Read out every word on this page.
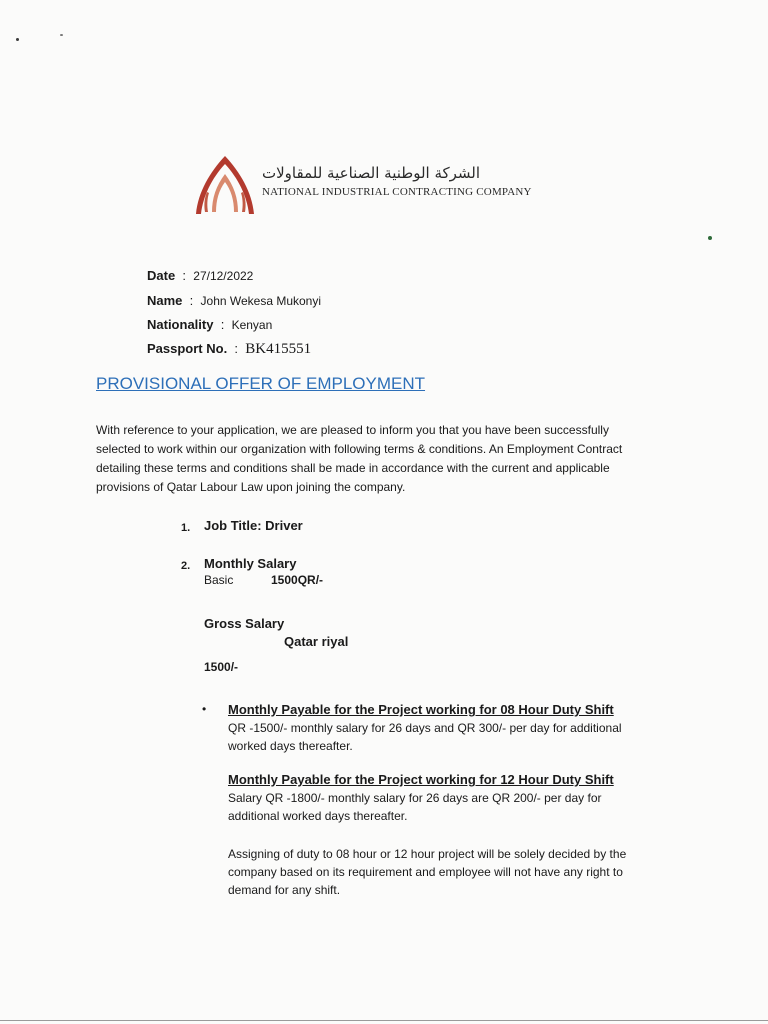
الشركة الوطنية الصناعية للمقاولات
NATIONAL INDUSTRIAL CONTRACTING COMPANY
Date  :  27/12/2022
Name  :  John Wekesa Mukonyi
Nationality  :  Kenyan
Passport No.  :  BK415551
PROVISIONAL OFFER OF EMPLOYMENT

With reference to your application, we are pleased to inform you that you have been successfully selected to work within our organization with following terms & conditions. An Employment Contract detailing these terms and conditions shall be made in accordance with the current and applicable provisions of Qatar Labour Law upon joining the company.

1. Job Title: Driver
2. Monthly Salary
Basic	1500QR/-
Gross Salary
Qatar riyal
1500/-
• Monthly Payable for the Project working for 08 Hour Duty Shift

QR -1500/- monthly salary for 26 days and QR 300/- per day for additional worked days thereafter.

Monthly Payable for the Project working for 12 Hour Duty Shift

Salary QR -1800/- monthly salary for 26 days are QR 200/- per day for additional worked days thereafter.

Assigning of duty to 08 hour or 12 hour project will be solely decided by the company based on its requirement and employee will not have any right to demand for any shift.
